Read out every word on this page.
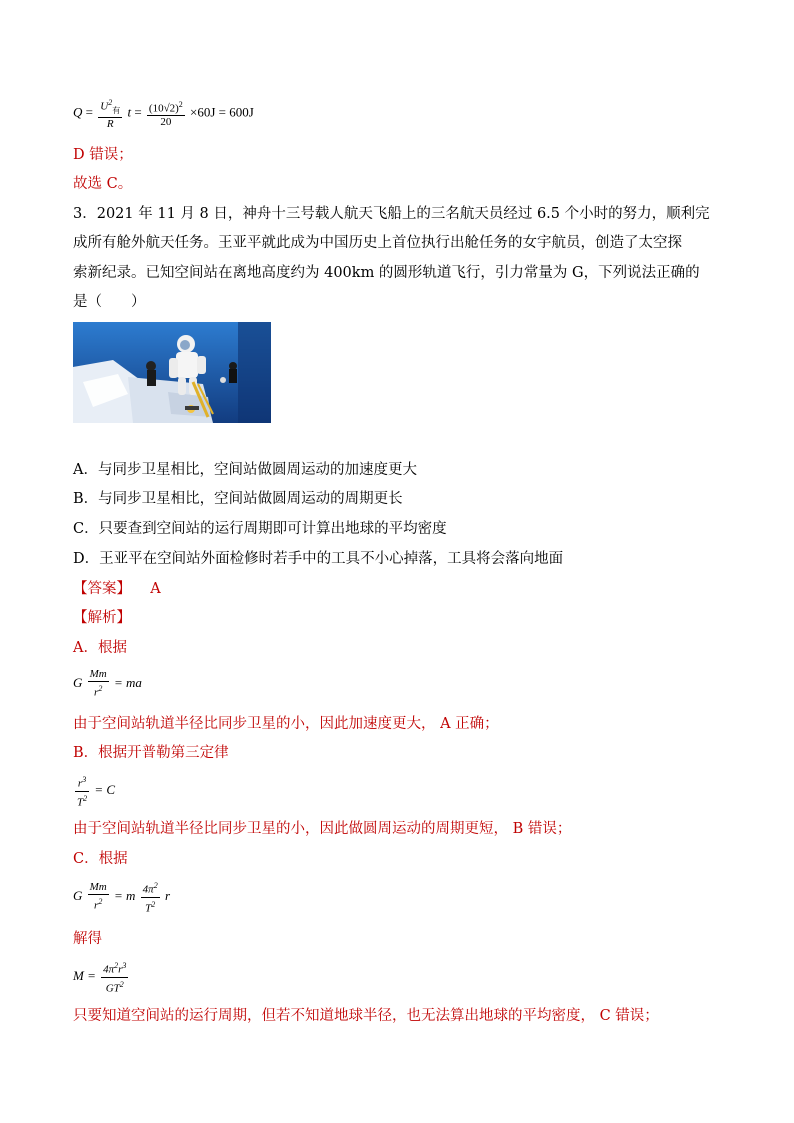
$Q = \frac{U^2_有}{R}$ $t = \frac{(10√2)^2}{20} \times 60J = 600J$
D 错误；
故选 C。
3．2021 年 11 月 8 日，神舟十三号载人航天飞船上的三名航天员经过 6.5 个小时的努力，顺利完
成所有舱外航天任务。王亚平就此成为中国历史上首位执行出舱任务的女宇航员，创造了太空探
索新纪录。已知空间站在离地高度约为 400km 的圆形轨道飞行，引力常量为 G，下列说法正确的
是（　　）
A．与同步卫星相比，空间站做圆周运动的加速度更大
B．与同步卫星相比，空间站做圆周运动的周期更长
C．只要查到空间站的运行周期即可计算出地球的平均密度
D．王亚平在空间站外面检修时若手中的工具不小心掉落，工具将会落向地面
【答案】 A
【解析】
A．根据
G $\frac{Mm}{r^2}$ = ma
由于空间站轨道半径比同步卫星的小，因此加速度更大， A 正确；
B．根据开普勒第三定律
$\frac{r^3}{T^2} = C$
由于空间站轨道半径比同步卫星的小，因此做圆周运动的周期更短， B 错误；
C．根据
G $\frac{Mm}{r^2} = m \frac{4\pi^2}{T^2}$ r
解得
$M = \frac{4\pi^2r^3}{GT^2}$
只要知道空间站的运行周期，但若不知道地球半径，也无法算出地球的平均密度， C 错误；
